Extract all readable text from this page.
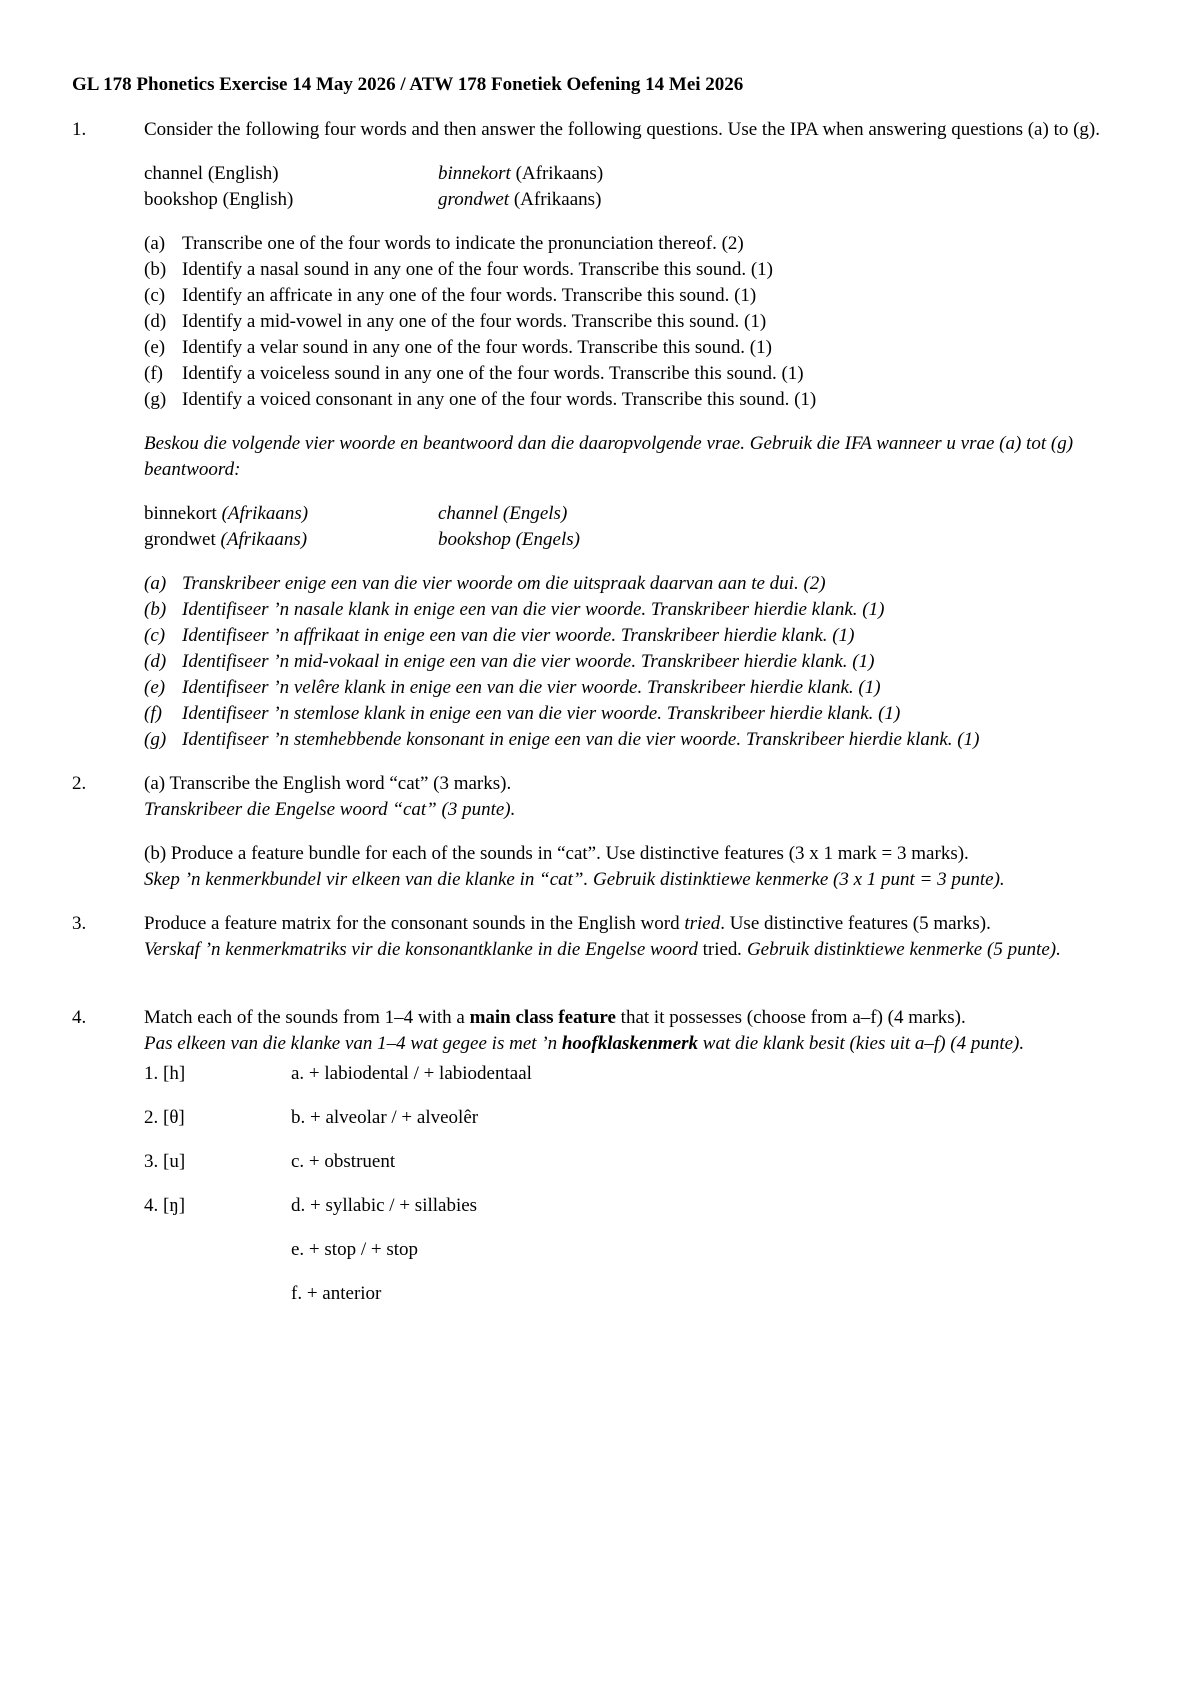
GL 178 Phonetics Exercise 14 May 2026 / ATW 178 Fonetiek Oefening 14 Mei 2026
1.	Consider the following four words and then answer the following questions. Use the IPA when answering questions (a) to (g).

channel (English)	binnekort (Afrikaans)
bookshop (English)	grondwet (Afrikaans)
(a) Transcribe one of the four words to indicate the pronunciation thereof. (2)
(b) Identify a nasal sound in any one of the four words. Transcribe this sound. (1)
(c) Identify an affricate in any one of the four words. Transcribe this sound. (1)
(d) Identify a mid-vowel in any one of the four words. Transcribe this sound. (1)
(e) Identify a velar sound in any one of the four words. Transcribe this sound. (1)
(f)	Identify a voiceless sound in any one of the four words. Transcribe this sound. (1)
(g) Identify a voiced consonant in any one of the four words. Transcribe this sound. (1)

Beskou die volgende vier woorde en beantwoord dan die daaropvolgende vrae. Gebruik die IFA wanneer u vrae (a) tot (g) beantwoord:

binnekort (Afrikaans)	channel (Engels)
grondwet (Afrikaans)	bookshop (Engels)
(a) Transkribeer enige een van die vier woorde om die uitspraak daarvan aan te dui. (2)
(b) Identifiseer ’n nasale klank in enige een van die vier woorde. Transkribeer hierdie klank. (1)
(c) Identifiseer ’n affrikaat in enige een van die vier woorde. Transkribeer hierdie klank. (1)
(d) Identifiseer ’n mid-vokaal in enige een van die vier woorde. Transkribeer hierdie klank. (1)
(e) Identifiseer ’n velêre klank in enige een van die vier woorde. Transkribeer hierdie klank. (1)
(f)	Identifiseer ’n stemlose klank in enige een van die vier woorde. Transkribeer hierdie klank. (1)
(g) Identifiseer ’n stemhebbende konsonant in enige een van die vier woorde. Transkribeer hierdie klank. (1)
2.	(a) Transcribe the English word “cat” (3 marks).

Transkribeer die Engelse woord “cat” (3 punte).

(b) Produce a feature bundle for each of the sounds in “cat”. Use distinctive features (3 x 1 mark = 3 marks).

Skep ’n kenmerkbundel vir elkeen van die klanke in “cat”. Gebruik distinktiewe kenmerke (3 x 1 punt = 3 punte).

3.	Produce a feature matrix for the consonant sounds in the English word tried. Use distinctive features (5 marks).

Verskaf ’n kenmerkmatriks vir die konsonantklanke in die Engelse woord tried. Gebruik distinktiewe kenmerke (5 punte).

4.	Match each of the sounds from 1–4 with a main class feature that it possesses (choose from a–f) (4 marks).

Pas elkeen van die klanke van 1–4 wat gegee is met ’n hoofklaskenmerk wat die klank besit (kies uit a–f) (4 punte).

1. [h]	a. + labiodental / + labiodentaal
2. [θ]	b. + alveolar / + alveolêr
3. [u]	c. + obstruent
4. [ŋ]	d. + syllabic / + sillabies
e. + stop / + stop
f. + anterior
